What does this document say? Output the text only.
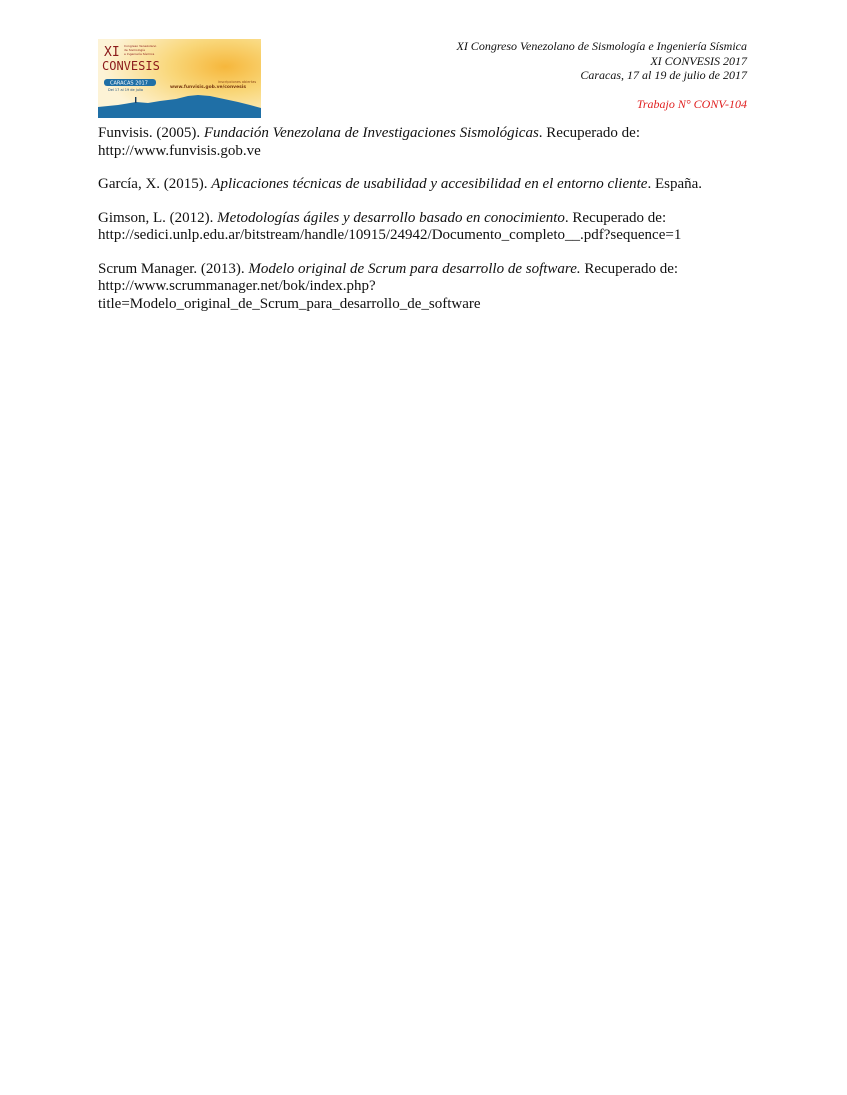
XI Congreso Venezolano
de Sismología
e Ingeniería Sísmica
CONVESIS
CARACAS 2017
Del 17 al 19 de julio
inscripciones abiertas
www.funvisis.gob.ve/convesis
XI Congreso Venezolano de Sismología e Ingeniería Sísmica
XI CONVESIS 2017
Caracas, 17 al 19 de julio de 2017
Trabajo N° CONV-104

Funvisis. (2005). Fundación Venezolana de Investigaciones Sismológicas. Recuperado de:
http://www.funvisis.gob.ve

García, X. (2015). Aplicaciones técnicas de usabilidad y accesibilidad en el entorno cliente. España.

Gimson, L. (2012). Metodologías ágiles y desarrollo basado en conocimiento. Recuperado de:
http://sedici.unlp.edu.ar/bitstream/handle/10915/24942/Documento_completo__.pdf?sequence=1

Scrum Manager. (2013). Modelo original de Scrum para desarrollo de software. Recuperado de:
http://www.scrummanager.net/bok/index.php?
title=Modelo_original_de_Scrum_para_desarrollo_de_software
